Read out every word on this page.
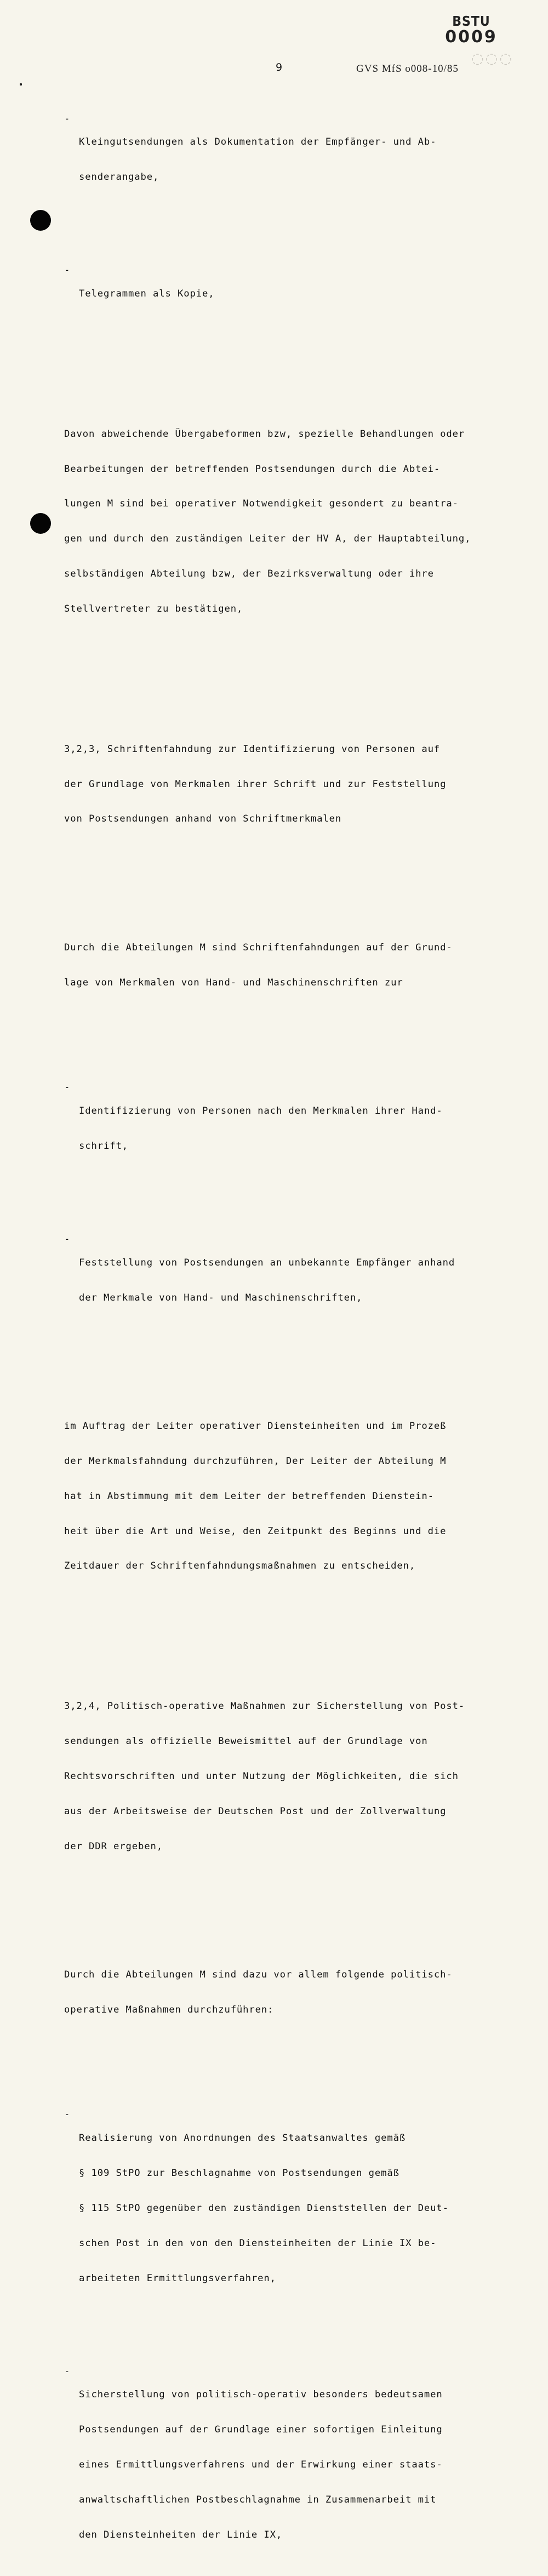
BSTU
0009
◌◌◌
9	GVS MfS o008-10/85

-

Kleingutsendungen als Dokumentation der Empfänger- und Ab-

senderangabe,

-

Telegrammen als Kopie,

Davon abweichende Übergabeformen bzw, spezielle Behandlungen oder

Bearbeitungen der betreffenden Postsendungen durch die Abtei-

lungen M sind bei operativer Notwendigkeit gesondert zu beantra-

gen und durch den zuständigen Leiter der HV A, der Hauptabteilung,

selbständigen Abteilung bzw, der Bezirksverwaltung oder ihre

Stellvertreter zu bestätigen,

3,2,3, Schriftenfahndung zur Identifizierung von Personen auf

der Grundlage von Merkmalen ihrer Schrift und zur Feststellung

von Postsendungen anhand von Schriftmerkmalen

Durch die Abteilungen M sind Schriftenfahndungen auf der Grund-

lage von Merkmalen von Hand- und Maschinenschriften zur

-

Identifizierung von Personen nach den Merkmalen ihrer Hand-

schrift,

-

Feststellung von Postsendungen an unbekannte Empfänger anhand

der Merkmale von Hand- und Maschinenschriften,

im Auftrag der Leiter operativer Diensteinheiten und im Prozeß

der Merkmalsfahndung durchzuführen, Der Leiter der Abteilung M

hat in Abstimmung mit dem Leiter der betreffenden Dienstein-

heit über die Art und Weise, den Zeitpunkt des Beginns und die

Zeitdauer der Schriftenfahndungsmaßnahmen zu entscheiden,

3,2,4, Politisch-operative Maßnahmen zur Sicherstellung von Post-

sendungen als offizielle Beweismittel auf der Grundlage von

Rechtsvorschriften und unter Nutzung der Möglichkeiten, die sich

aus der Arbeitsweise der Deutschen Post und der Zollverwaltung

der DDR ergeben,

Durch die Abteilungen M sind dazu vor allem folgende politisch-

operative Maßnahmen durchzuführen:

-

Realisierung von Anordnungen des Staatsanwaltes gemäß

§ 109 StPO zur Beschlagnahme von Postsendungen gemäß

§ 115 StPO gegenüber den zuständigen Dienststellen der Deut-

schen Post in den von den Diensteinheiten der Linie IX be-

arbeiteten Ermittlungsverfahren,

-

Sicherstellung von politisch-operativ besonders bedeutsamen

Postsendungen auf der Grundlage einer sofortigen Einleitung

eines Ermittlungsverfahrens und der Erwirkung einer staats-

anwaltschaftlichen Postbeschlagnahme in Zusammenarbeit mit

den Diensteinheiten der Linie IX,
